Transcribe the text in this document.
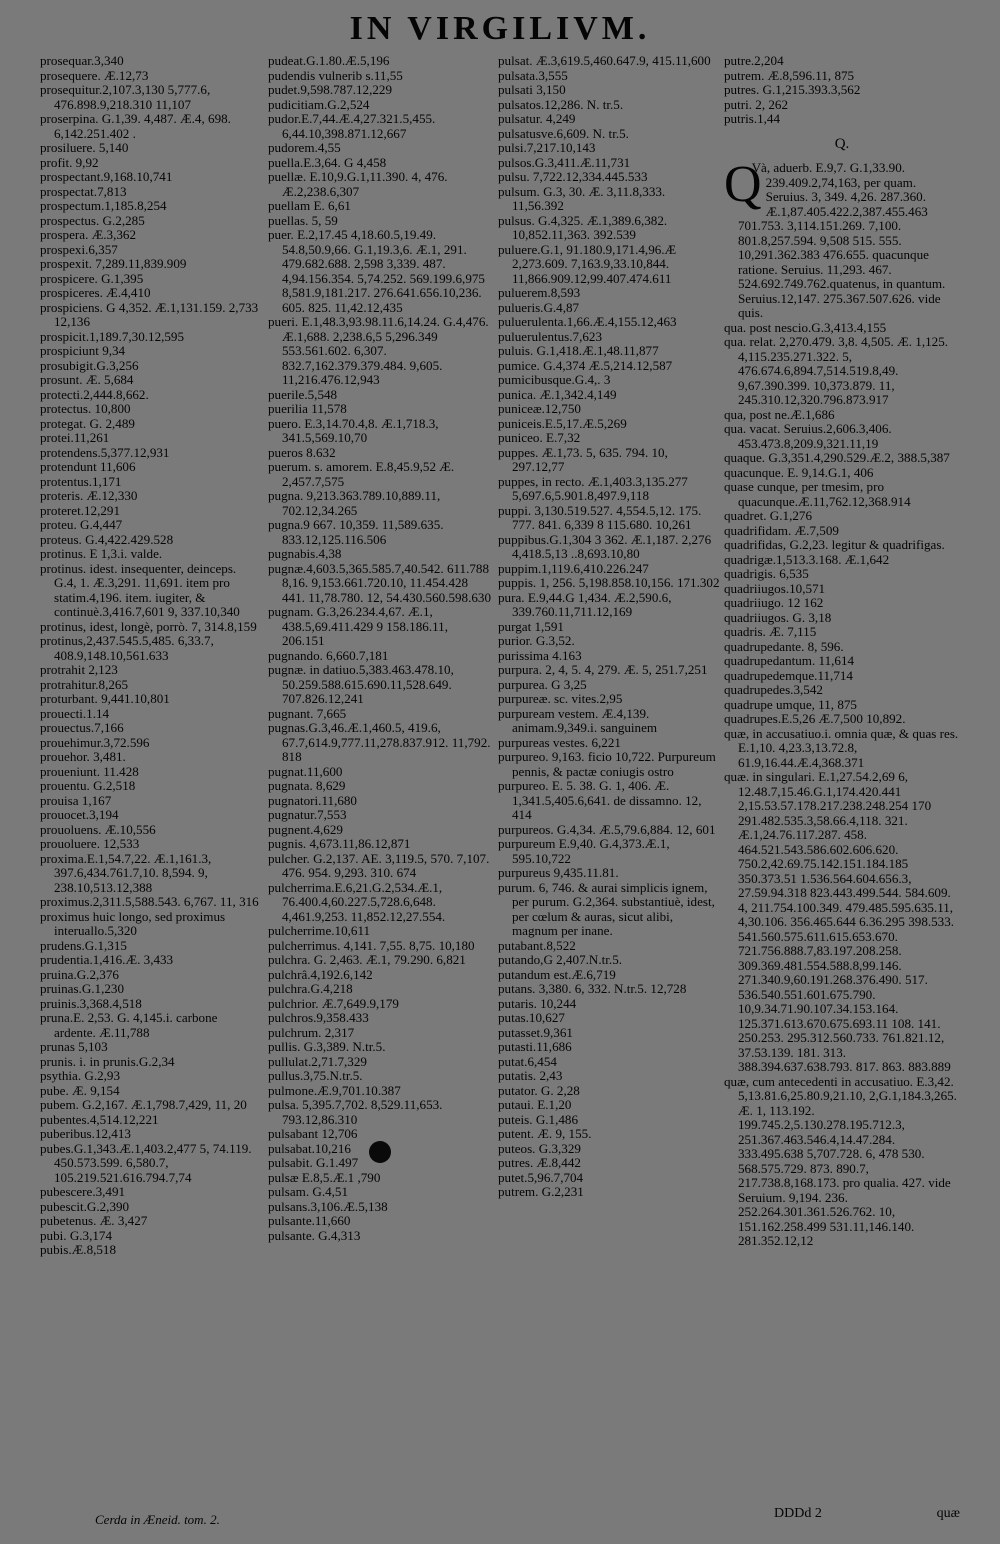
IN VIRGILIVM.
prosequar.3,340
prosequere. Æ.12,73
prosequitur.2,107.3,130 5,777.6, 476.898.9,218.310 11,107
proserpina. G.1,39. 4,487. Æ.4, 698. 6,142.251.402 .
prosiluere. 5,140
profit. 9,92
prospectant.9,168.10,741
prospectat.7,813
prospectum.1,185.8,254
prospectus. G.2,285
prospera. Æ.3,362
prospexi.6,357
prospexit. 7,289.11,839.909
prospicere. G.1,395
prospiceres. Æ.4,410
prospiciens. G 4,352. Æ.1,131.159. 2,733 12,136
prospicit.1,189.7,30.12,595
prospiciunt 9,34
prosubigit.G.3,256
prosunt. Æ. 5,684
protecti.2,444.8,662.
protectus. 10,800
protegat. G. 2,489
protei.11,261
protendens.5,377.12,931
protendunt 11,606
protentus.1,171
proteris. Æ.12,330
proteret.12,291
proteu. G.4,447
proteus. G.4,422.429.528
protinus. E 1,3.i. valde.
protinus. idest. insequenter, deinceps. G.4, 1. Æ.3,291. 11,691. item pro statim.4,196. item. iugiter, & continuè.3,416.7,601 9, 337.10,340
protinus, idest, longè, porrò. 7, 314.8,159
protinus,2,437.545.5,485. 6,33.7, 408.9,148.10,561.633
protrahit 2,123
protrahitur.8,265
proturbant. 9,441.10,801
prouecti.1.14
prouectus.7,166
prouehimur.3,72.596
prouehor. 3,481.
proueniunt. 11.428
prouentu. G.2,518
prouisa 1,167
prouocet.3,194
prouoluens. Æ.10,556
prouoluere. 12,533
proxima.E.1,54.7,22. Æ.1,161.3, 397.6,434.761.7,10. 8,594. 9, 238.10,513.12,388
proximus.2,311.5,588.543. 6,767. 11, 316
proximus huic longo, sed proximus interuallo.5,320
prudens.G.1,315
prudentia.1,416.Æ. 3,433
pruina.G.2,376
pruinas.G.1,230
pruinis.3,368.4,518
pruna.E. 2,53. G. 4,145.i. carbone ardente. Æ.11,788
prunas 5,103
prunis. i. in prunis.G.2,34
psythia. G.2,93
pube. Æ. 9,154
pubem. G.2,167. Æ.1,798.7,429, 11, 20
pubentes.4,514.12,221
puberibus.12,413
pubes.G.1,343.Æ.1,403.2,477 5, 74.119. 450.573.599. 6,580.7, 105.219.521.616.794.7,74
pubescere.3,491
pubescit.G.2,390
pubetenus. Æ. 3,427
pubi. G.3,174
pubis.Æ.8,518
pudeat.G.1.80.Æ.5,196
pudendis vulnerib s.11,55
pudet.9,598.787.12,229
pudicitiam.G.2,524
pudor.E.7,44.Æ.4,27.321.5,455. 6,44.10,398.871.12,667
pudorem.4,55
puella.E.3,64. G 4,458
puellæ. E.10,9.G.1,11.390. 4, 476. Æ.2,238.6,307
puellam E. 6,61
puellas. 5, 59
puer. E.2,17.45 4,18.60.5,19.49. 54.8,50.9,66. G.1,19.3,6. Æ.1, 291. 479.682.688. 2,598 3,339. 487. 4,94.156.354. 5,74.252. 569.199.6,975 8,581.9,181.217. 276.641.656.10,236. 605. 825. 11,42.12,435
pueri. E.1,48.3,93.98.11.6,14.24. G.4,476. Æ.1,688. 2,238.6,5 5,296.349 553.561.602. 6,307. 832.7,162.379.379.484. 9,605. 11,216.476.12,943
puerile.5,548
puerilia 11,578
puero. E.3,14.70.4,8. Æ.1,718.3, 341.5,569.10,70
pueros 8.632
puerum. s. amorem. E.8,45.9,52 Æ. 2,457.7,575
pugna. 9,213.363.789.10,889.11, 702.12,34.265
pugna.9 667. 10,359. 11,589.635. 833.12,125.116.506
pugnabis.4,38
pugnæ.4,603.5,365.585.7,40.542. 611.788 8,16. 9,153.661.720.10, 11.454.428 441. 11,78.780. 12, 54.430.560.598.630
pugnam. G.3,26.234.4,67. Æ.1, 438.5,69.411.429 9 158.186.11, 206.151
pugnando. 6,660.7,181
pugnæ. in datiuo.5,383.463.478.10, 50.259.588.615.690.11,528.649. 707.826.12,241
pugnant. 7,665
pugnas.G.3,46.Æ.1,460.5, 419.6, 67.7,614.9,777.11,278.837.912. 11,792. 818
pugnat.11,600
pugnata. 8,629
pugnatori.11,680
pugnatur.7,553
pugnent.4,629
pugnis. 4,673.11,86.12,871
pulcher. G.2,137. AE. 3,119.5, 570. 7,107. 476. 954. 9,293. 310. 674
pulcherrima.E.6,21.G.2,534.Æ.1, 76.400.4,60.227.5,728.6,648. 4,461.9,253. 11,852.12,27.554.
pulcherrime.10,611
pulcherrimus. 4,141. 7,55. 8,75. 10,180
pulchra. G. 2,463. Æ.1, 79.290. 6,821
pulchrâ.4,192.6,142
pulchra.G.4,218
pulchrior. Æ.7,649.9,179
pulchros.9,358.433
pulchrum. 2,317
pullis. G.3,389. N.tr.5.
pullulat.2,71.7,329
pullus.3,75.N.tr.5.
pulmone.Æ.9,701.10.387
pulsa. 5,395.7,702. 8,529.11,653. 793.12,86.310
pulsabant 12,706
pulsabat.10,216
pulsabit. G.1.497
pulsæ E.8,5.Æ.1 ,790
pulsam. G.4,51
pulsans.3,106.Æ.5,138
pulsante.11,660
pulsante. G.4,313
pulsat. Æ.3,619.5,460.647.9, 415.11,600
pulsata.3,555
pulsati 3,150
pulsatos.12,286. N. tr.5.
pulsatur. 4,249
pulsatusve.6,609. N. tr.5.
pulsi.7,217.10,143
pulsos.G.3,411.Æ.11,731
pulsu. 7,722.12,334.445.533
pulsum. G.3, 30. Æ. 3,11.8,333. 11,56.392
pulsus. G.4,325. Æ.1,389.6,382. 10,852.11,363. 392.539
puluere.G.1, 91.180.9,171.4,96.Æ 2,273.609. 7,163.9,33.10,844. 11,866.909.12,99.407.474.611
puluerem.8,593
pulueris.G.4,87
puluerulenta.1,66.Æ.4,155.12,463
puluerulentus.7,623
puluis. G.1,418.Æ.1,48.11,877
pumice. G.4,374 Æ.5,214.12,587
pumicibusque.G.4,. 3
punica. Æ.1,342.4,149
puniceæ.12,750
puniceis.E.5,17.Æ.5,269
puniceo. E.7,32
puppes. Æ.1,73. 5, 635. 794. 10, 297.12,77
puppes, in recto. Æ.1,403.3,135.277 5,697.6,5.901.8,497.9,118
puppi. 3,130.519.527. 4,554.5,12. 175. 777. 841. 6,339 8 115.680. 10,261
puppibus.G.1,304 3 362. Æ.1,187. 2,276 4,418.5,13 ..8,693.10,80
puppim.1,119.6,410.226.247
puppis. 1, 256. 5,198.858.10,156. 171.302
pura. E.9,44.G 1,434. Æ.2,590.6, 339.760.11,711.12,169
purgat 1,591
purior. G.3,52.
purissima 4.163
purpura. 2, 4, 5. 4, 279. Æ. 5, 251.7,251
purpurea. G 3,25
purpureæ. sc. vites.2,95
purpuream vestem. Æ.4,139. animam.9,349.i. sanguinem
purpureas vestes. 6,221
purpureo. 9,163. ficio 10,722. Purpureum pennis, & pactæ coniugis ostro
purpureo. E. 5. 38. G. 1, 406. Æ. 1,341.5,405.6,641. de dissamno. 12, 414
purpureos. G.4,34. Æ.5,79.6,884. 12, 601
purpureum E.9,40. G.4,373.Æ.1, 595.10,722
purpureus 9,435.11.81.
purum. 6, 746. & aurai simplicis ignem, per purum. G.2,364. substantiuè, idest, per cœlum & auras, sicut alibi, magnum per inane.
putabant.8,522
putando,G 2,407.N.tr.5.
putandum est.Æ.6,719
putans. 3,380. 6, 332. N.tr.5. 12,728
putaris. 10,244
putas.10,627
putasset.9,361
putasti.11,686
putat.6,454
putatis. 2,43
putator. G. 2,28
putaui. E.1,20
puteis. G.1,486
putent. Æ. 9, 155.
puteos. G.3,329
putres. Æ.8,442
putet.5,96.7,704
putrem. G.2,231
putre.2,204
putrem. Æ.8,596.11, 875
putres. G.1,215.393.3,562
putri. 2, 262
putris.1,44
Q.
Q
Và, aduerb. E.9,7. G.1,33.90. 239.409.2,74,163, per quam. Seruius. 3, 349. 4,26. 287.360. Æ.1,87.405.422.2,387.455.463 701.753. 3,114.151.269. 7,100. 801.8,257.594. 9,508 515. 555. 10,291.362.383 476.655. quacunque ratione. Seruius. 11,293. 467. 524.692.749.762.quatenus, in quantum. Seruius.12,147. 275.367.507.626. vide quis.
qua. post nescio.G.3,413.4,155
qua. relat. 2,270.479. 3,8. 4,505. Æ. 1,125. 4,115.235.271.322. 5, 476.674.6,894.7,514.519.8,49. 9,67.390.399. 10,373.879. 11, 245.310.12,320.796.873.917
qua, post ne.Æ.1,686
qua. vacat. Seruius.2,606.3,406. 453.473.8,209.9,321.11,19
quaque. G.3,351.4,290.529.Æ.2, 388.5,387
quacunque. E. 9,14.G.1, 406
quase cunque, per tmesim, pro quacunque.Æ.11,762.12,368.914
quadret. G.1,276
quadrifidam. Æ.7,509
quadrifidas, G.2,23. legitur & quadrifigas.
quadrigæ.1,513.3.168. Æ.1,642
quadrigis. 6,535
quadriiugos.10,571
quadriiugo. 12 162
quadriiugos. G. 3,18
quadris. Æ. 7,115
quadrupedante. 8, 596.
quadrupedantum. 11,614
quadrupedemque.11,714
quadrupedes.3,542
quadrupe umque, 11, 875
quadrupes.E.5,26 Æ.7,500 10,892.
quæ, in accusatiuo.i. omnia quæ, & quas res. E.1,10. 4,23.3,13.72.8, 61.9,16.44.Æ.4,368.371
quæ. in singulari. E.1,27.54.2,69 6, 12.48.7,15.46.G.1,174.420.441 2,15.53.57.178.217.238.248.254 170 291.482.535.3,58.66.4,118. 321. Æ.1,24.76.117.287. 458. 464.521.543.586.602.606.620. 750.2,42.69.75.142.151.184.185 350.373.51 1.536.564.604.656.3, 27.59.94.318 823.443.499.544. 584.609. 4, 211.754.100.349. 479.485.595.635.11, 4,30.106. 356.465.644 6.36.295 398.533. 541.560.575.611.615.653.670. 721.756.888.7,83.197.208.258. 309.369.481.554.588.8,99.146. 271.340.9,60.191.268.376.490. 517. 536.540.551.601.675.790. 10,9.34.71.90.107.34.153.164. 125.371.613.670.675.693.11 108. 141. 250.253. 295.312.560.733. 761.821.12, 37.53.139. 181. 313. 388.394.637.638.793. 817. 863. 883.889
quæ, cum antecedenti in accusatiuo. E.3,42. 5,13.81.6,25.80.9,21.10, 2,G.1,184.3,265. Æ. 1, 113.192. 199.745.2,5.130.278.195.712.3, 251.367.463.546.4,14.47.284. 333.495.638 5,707.728. 6, 478 530. 568.575.729. 873. 890.7, 217.738.8,168.173. pro qualia. 427. vide Seruium. 9,194. 236. 252.264.301.361.526.762. 10, 151.162.258.499 531.11,146.140. 281.352.12,12
DDDd 2	quæ
Cerda in Æneid. tom. 2.
